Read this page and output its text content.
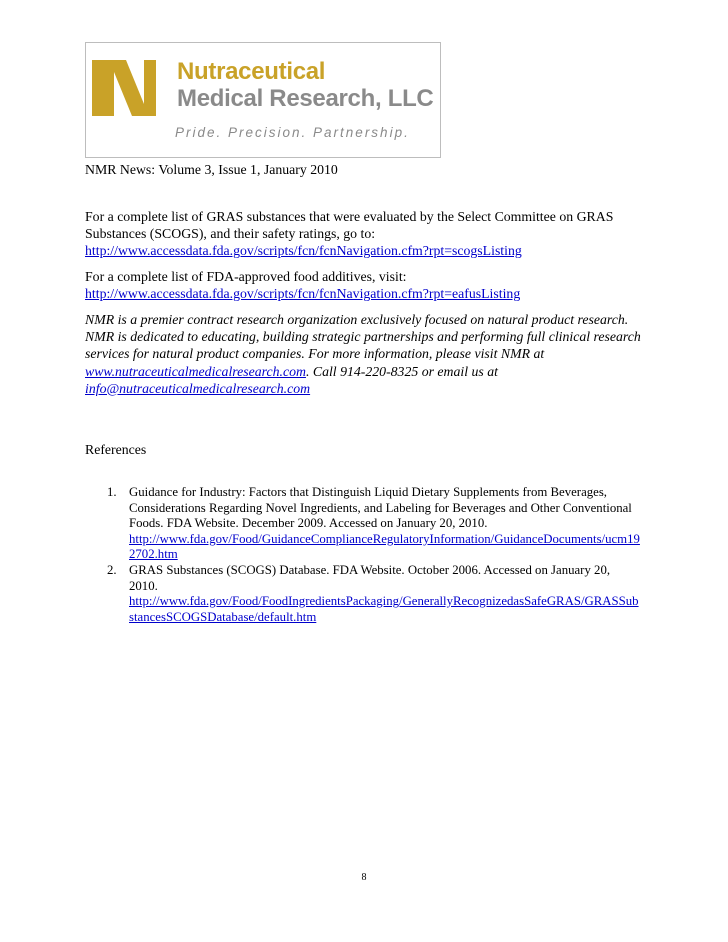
Nutraceutical
Medical Research, LLC
Pride. Precision. Partnership.
NMR News: Volume 3, Issue 1, January 2010
For a complete list of GRAS substances that were evaluated by the Select Committee on GRAS Substances (SCOGS), and their safety ratings, go to:
http://www.accessdata.fda.gov/scripts/fcn/fcnNavigation.cfm?rpt=scogsListing
For a complete list of FDA-approved food additives, visit:
http://www.accessdata.fda.gov/scripts/fcn/fcnNavigation.cfm?rpt=eafusListing
NMR is a premier contract research organization exclusively focused on natural product research. NMR is dedicated to educating, building strategic partnerships and performing full clinical research services for natural product companies. For more information, please visit NMR at www.nutraceuticalmedicalresearch.com. Call 914-220-8325 or email us at info@nutraceuticalmedicalresearch.com
References
1. Guidance for Industry: Factors that Distinguish Liquid Dietary Supplements from Beverages, Considerations Regarding Novel Ingredients, and Labeling for Beverages and Other Conventional Foods. FDA Website. December 2009. Accessed on January 20, 2010.
http://www.fda.gov/Food/GuidanceComplianceRegulatoryInformation/GuidanceDocuments/ucm192702.htm
2. GRAS Substances (SCOGS) Database. FDA Website. October 2006. Accessed on January 20, 2010.
http://www.fda.gov/Food/FoodIngredientsPackaging/GenerallyRecognizedasSafeGRAS/GRASSubstancesSCOGSDatabase/default.htm
8
